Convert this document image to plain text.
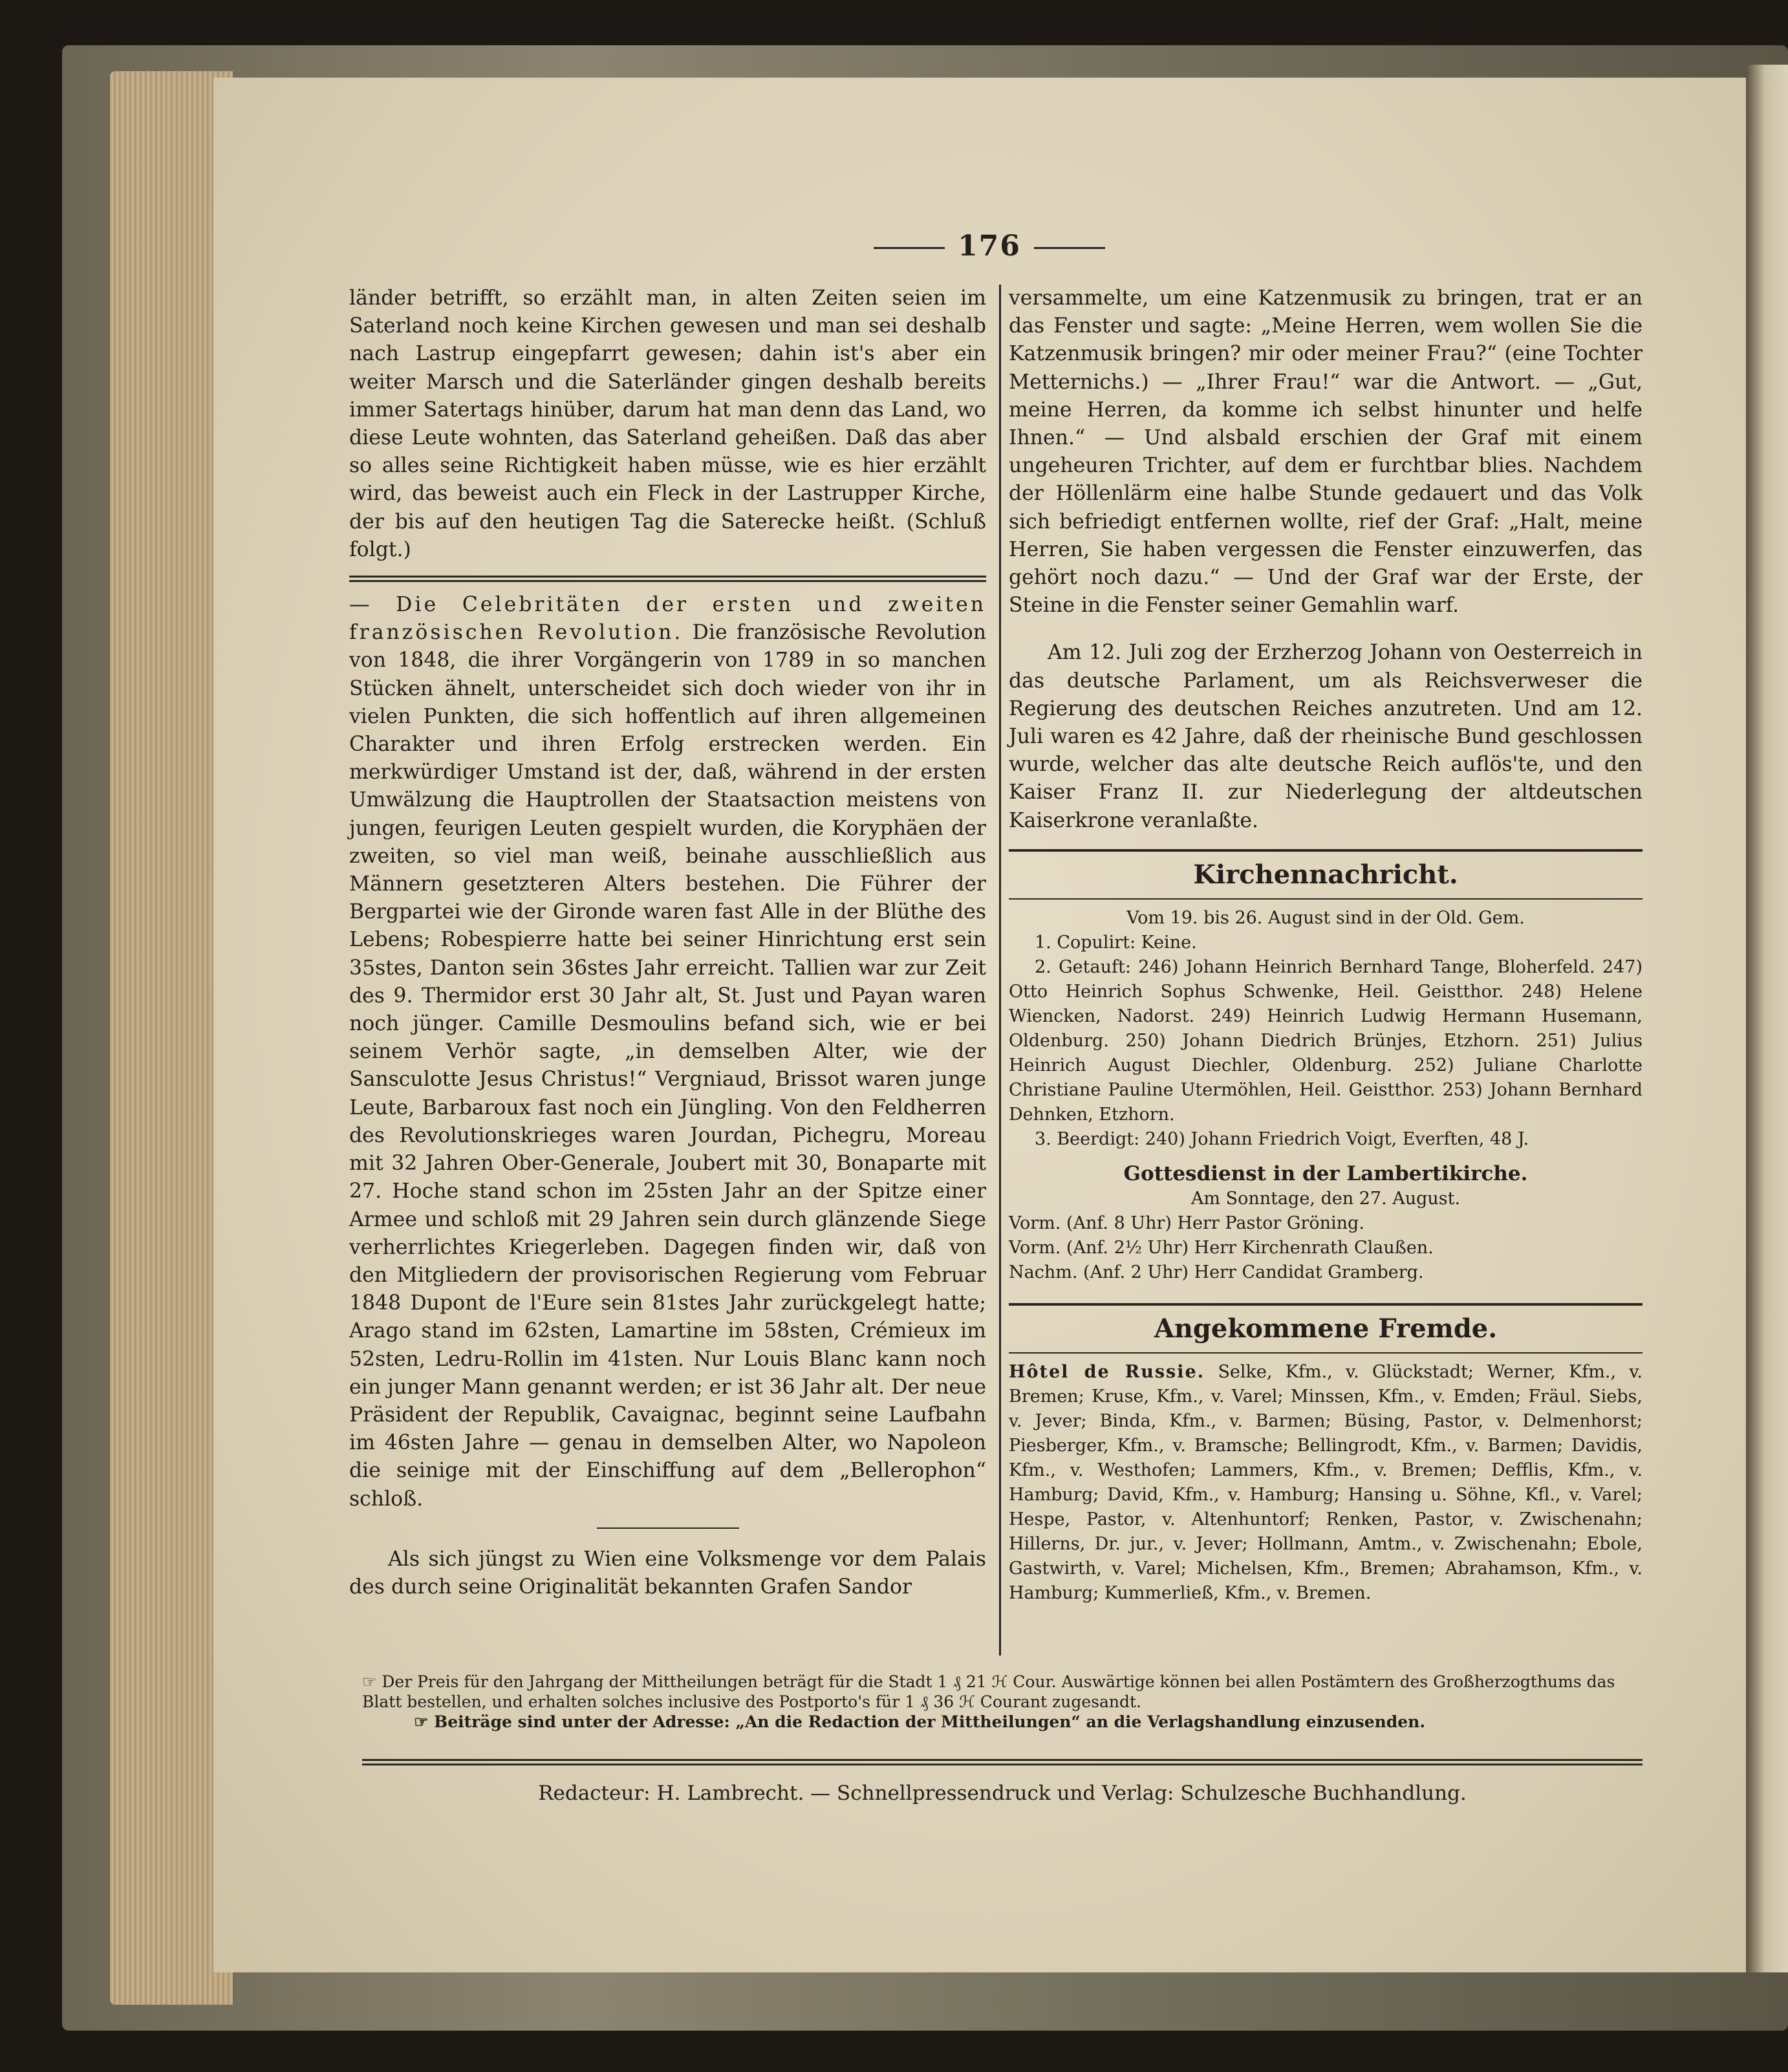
176

länder betrifft, so erzählt man, in alten Zeiten seien im Saterland noch keine Kirchen gewesen und man sei deshalb nach Lastrup eingepfarrt gewesen; dahin ist's aber ein weiter Marsch und die Saterländer gingen deshalb bereits immer Satertags hinüber, darum hat man denn das Land, wo diese Leute wohnten, das Saterland geheißen. Daß das aber so alles seine Richtigkeit haben müsse, wie es hier erzählt wird, das beweist auch ein Fleck in der Lastrupper Kirche, der bis auf den heutigen Tag die Saterecke heißt. (Schluß folgt.)

— Die Celebritäten der ersten und zweiten französischen Revolution. Die französische Revolution von 1848, die ihrer Vorgängerin von 1789 in so manchen Stücken ähnelt, unterscheidet sich doch wieder von ihr in vielen Punkten, die sich hoffentlich auf ihren allgemeinen Charakter und ihren Erfolg erstrecken werden. Ein merkwürdiger Umstand ist der, daß, während in der ersten Umwälzung die Hauptrollen der Staatsaction meistens von jungen, feurigen Leuten gespielt wurden, die Koryphäen der zweiten, so viel man weiß, beinahe ausschließlich aus Männern gesetzteren Alters bestehen. Die Führer der Bergpartei wie der Gironde waren fast Alle in der Blüthe des Lebens; Robespierre hatte bei seiner Hinrichtung erst sein 35stes, Danton sein 36stes Jahr erreicht. Tallien war zur Zeit des 9. Thermidor erst 30 Jahr alt, St. Just und Payan waren noch jünger. Camille Desmoulins befand sich, wie er bei seinem Verhör sagte, „in demselben Alter, wie der Sansculotte Jesus Christus!“ Vergniaud, Brissot waren junge Leute, Barbaroux fast noch ein Jüngling. Von den Feldherren des Revolutionskrieges waren Jourdan, Pichegru, Moreau mit 32 Jahren Ober-Generale, Joubert mit 30, Bonaparte mit 27. Hoche stand schon im 25sten Jahr an der Spitze einer Armee und schloß mit 29 Jahren sein durch glänzende Siege verherrlichtes Kriegerleben. Dagegen finden wir, daß von den Mitgliedern der provisorischen Regierung vom Februar 1848 Dupont de l'Eure sein 81stes Jahr zurückgelegt hatte; Arago stand im 62sten, Lamartine im 58sten, Crémieux im 52sten, Ledru-Rollin im 41sten. Nur Louis Blanc kann noch ein junger Mann genannt werden; er ist 36 Jahr alt. Der neue Präsident der Republik, Cavaignac, beginnt seine Laufbahn im 46sten Jahre — genau in demselben Alter, wo Napoleon die seinige mit der Einschiffung auf dem „Bellerophon“ schloß.

Als sich jüngst zu Wien eine Volksmenge vor dem Palais des durch seine Originalität bekannten Grafen Sandor

versammelte, um eine Katzenmusik zu bringen, trat er an das Fenster und sagte: „Meine Herren, wem wollen Sie die Katzenmusik bringen? mir oder meiner Frau?“ (eine Tochter Metternichs.) — „Ihrer Frau!“ war die Antwort. — „Gut, meine Herren, da komme ich selbst hinunter und helfe Ihnen.“ — Und alsbald erschien der Graf mit einem ungeheuren Trichter, auf dem er furchtbar blies. Nachdem der Höllenlärm eine halbe Stunde gedauert und das Volk sich befriedigt entfernen wollte, rief der Graf: „Halt, meine Herren, Sie haben vergessen die Fenster einzuwerfen, das gehört noch dazu.“ — Und der Graf war der Erste, der Steine in die Fenster seiner Gemahlin warf.

Am 12. Juli zog der Erzherzog Johann von Oesterreich in das deutsche Parlament, um als Reichsverweser die Regierung des deutschen Reiches anzutreten. Und am 12. Juli waren es 42 Jahre, daß der rheinische Bund geschlossen wurde, welcher das alte deutsche Reich auflös'te, und den Kaiser Franz II. zur Niederlegung der altdeutschen Kaiserkrone veranlaßte.

Kirchennachricht.

Vom 19. bis 26. August sind in der Old. Gem.

1. Copulirt: Keine.

2. Getauft: 246) Johann Heinrich Bernhard Tange, Bloherfeld. 247) Otto Heinrich Sophus Schwenke, Heil. Geistthor. 248) Helene Wiencken, Nadorst. 249) Heinrich Ludwig Hermann Husemann, Oldenburg. 250) Johann Diedrich Brünjes, Etzhorn. 251) Julius Heinrich August Diechler, Oldenburg. 252) Juliane Charlotte Christiane Pauline Utermöhlen, Heil. Geistthor. 253) Johann Bernhard Dehnken, Etzhorn.

3. Beerdigt: 240) Johann Friedrich Voigt, Everften, 48 J.

Gottesdienst in der Lambertikirche.

Am Sonntage, den 27. August.

Vorm. (Anf. 8 Uhr) Herr Pastor Gröning.

Vorm. (Anf. 2½ Uhr) Herr Kirchenrath Claußen.

Nachm. (Anf. 2 Uhr) Herr Candidat Gramberg.

Angekommene Fremde.

Hôtel de Russie. Selke, Kfm., v. Glückstadt; Werner, Kfm., v. Bremen; Kruse, Kfm., v. Varel; Minssen, Kfm., v. Emden; Fräul. Siebs, v. Jever; Binda, Kfm., v. Barmen; Büsing, Pastor, v. Delmenhorst; Piesberger, Kfm., v. Bramsche; Bellingrodt, Kfm., v. Barmen; Davidis, Kfm., v. Westhofen; Lammers, Kfm., v. Bremen; Defflis, Kfm., v. Hamburg; David, Kfm., v. Hamburg; Hansing u. Söhne, Kfl., v. Varel; Hespe, Pastor, v. Altenhuntorf; Renken, Pastor, v. Zwischenahn; Hillerns, Dr. jur., v. Jever; Hollmann, Amtm., v. Zwischenahn; Ebole, Gastwirth, v. Varel; Michelsen, Kfm., Bremen; Abrahamson, Kfm., v. Hamburg; Kummerließ, Kfm., v. Bremen.

☞ Der Preis für den Jahrgang der Mittheilungen beträgt für die Stadt 1 ₰ 21 ℋ Cour. Auswärtige können bei allen Postämtern des Großherzogthums das Blatt bestellen, und erhalten solches inclusive des Postporto's für 1 ₰ 36 ℋ Courant zugesandt.

☞ Beiträge sind unter der Adresse: „An die Redaction der Mittheilungen“ an die Verlagshandlung einzusenden.

Redacteur: H. Lambrecht. — Schnellpressendruck und Verlag: Schulzesche Buchhandlung.
